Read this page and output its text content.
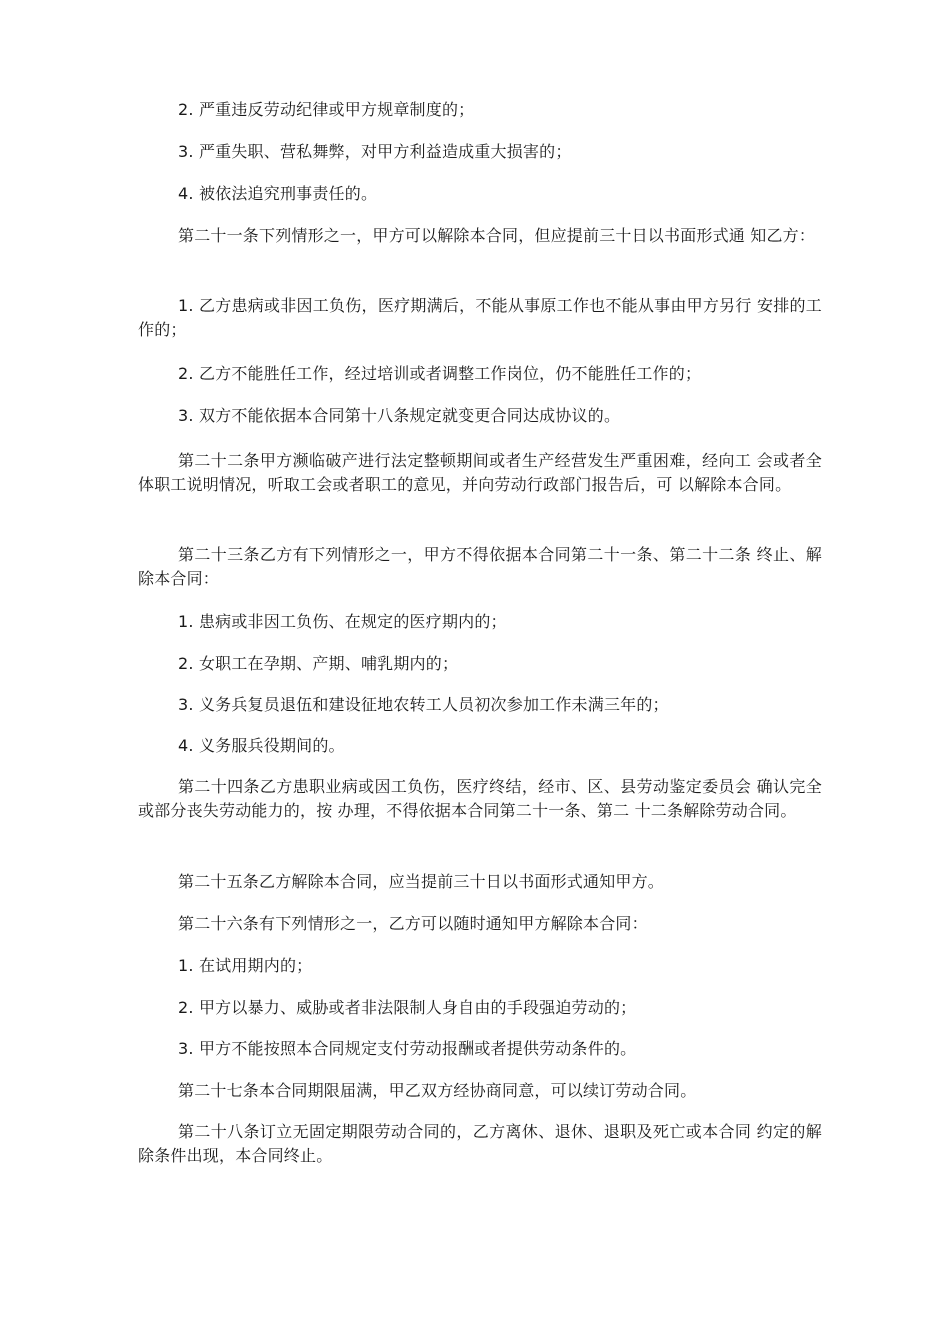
2. 严重违反劳动纪律或甲方规章制度的；

3. 严重失职、营私舞弊，对甲方利益造成重大损害的；

4. 被依法追究刑事责任的。

第二十一条下列情形之一，甲方可以解除本合同，但应提前三十日以书面形式通 知乙方：

1. 乙方患病或非因工负伤，医疗期满后，不能从事原工作也不能从事由甲方另行 安排的工作的；

2. 乙方不能胜任工作，经过培训或者调整工作岗位，仍不能胜任工作的；

3. 双方不能依据本合同第十八条规定就变更合同达成协议的。

第二十二条甲方濒临破产进行法定整顿期间或者生产经营发生严重困难，经向工 会或者全体职工说明情况，听取工会或者职工的意见，并向劳动行政部门报告后，可 以解除本合同。

第二十三条乙方有下列情形之一，甲方不得依据本合同第二十一条、第二十二条 终止、解除本合同：

1. 患病或非因工负伤、在规定的医疗期内的；

2. 女职工在孕期、产期、哺乳期内的；

3. 义务兵复员退伍和建设征地农转工人员初次参加工作未满三年的；

4. 义务服兵役期间的。

第二十四条乙方患职业病或因工负伤，医疗终结，经市、区、县劳动鉴定委员会 确认完全或部分丧失劳动能力的，按 办理，不得依据本合同第二十一条、第二 十二条解除劳动合同。

第二十五条乙方解除本合同，应当提前三十日以书面形式通知甲方。

第二十六条有下列情形之一，乙方可以随时通知甲方解除本合同：

1. 在试用期内的；

2. 甲方以暴力、威胁或者非法限制人身自由的手段强迫劳动的；

3. 甲方不能按照本合同规定支付劳动报酬或者提供劳动条件的。

第二十七条本合同期限届满，甲乙双方经协商同意，可以续订劳动合同。

第二十八条订立无固定期限劳动合同的，乙方离休、退休、退职及死亡或本合同 约定的解除条件出现，本合同终止。
